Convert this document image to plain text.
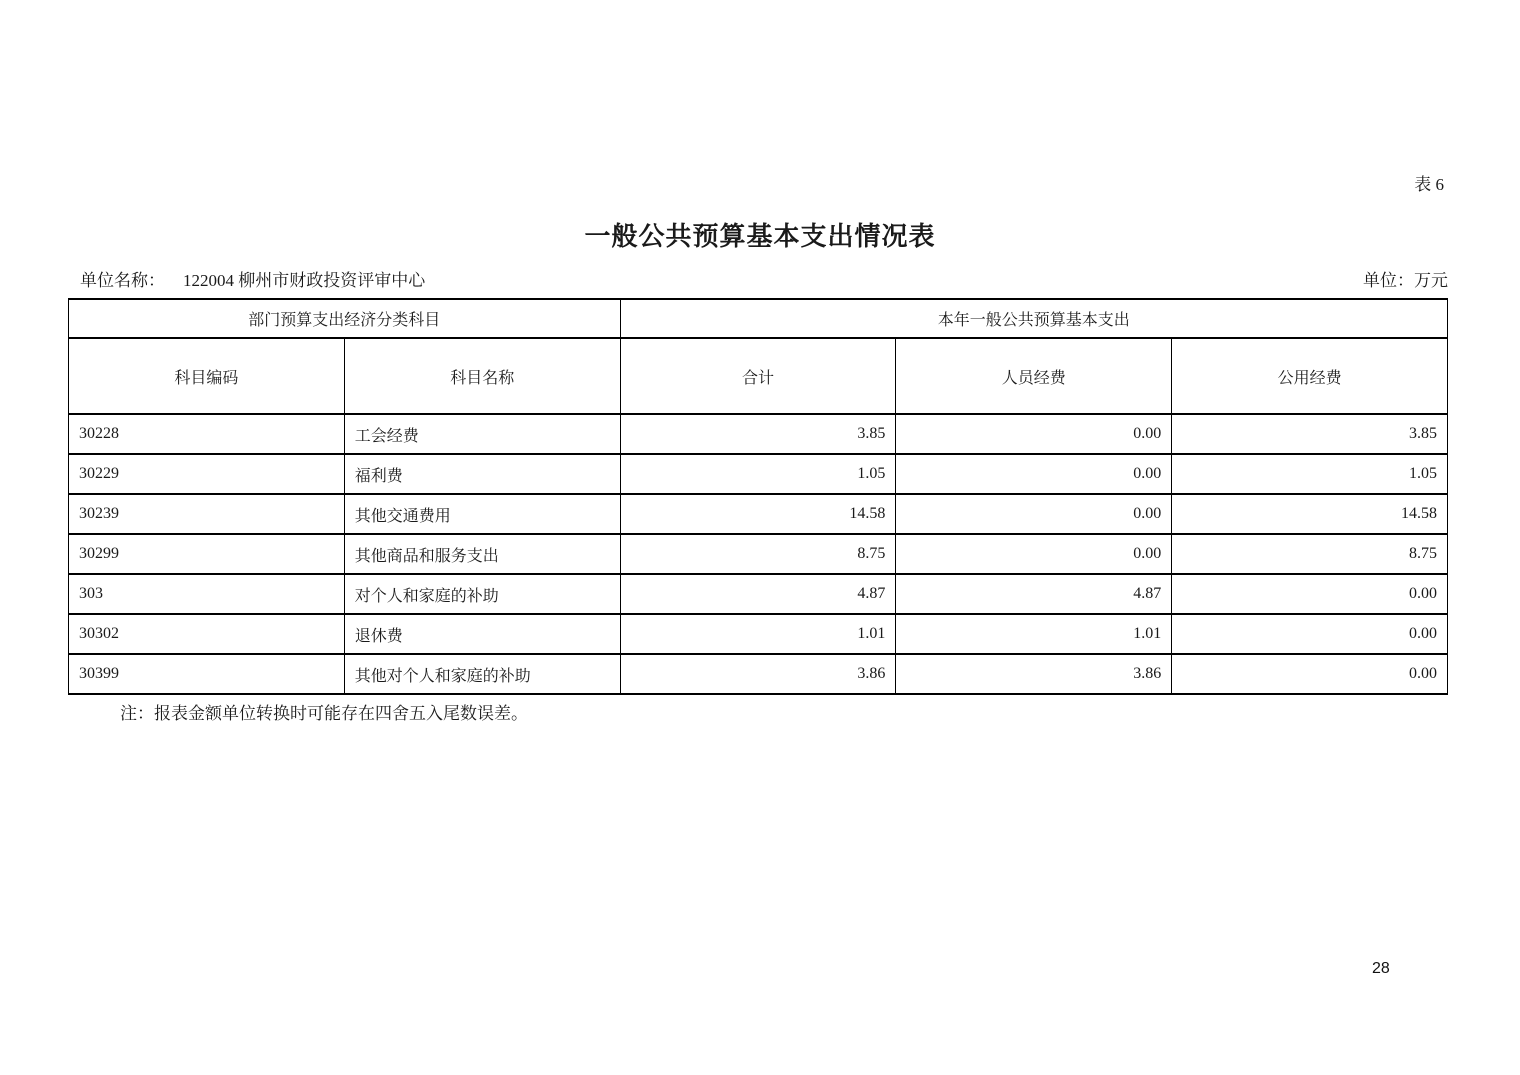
表 6
一般公共预算基本支出情况表
单位名称： 122004 柳州市财政投资评审中心	单位：万元
部门预算支出经济分类科目		本年一般公共预算基本支出		
科目编码	科目名称	合计	人员经费	公用经费
30228	工会经费	3.85	0.00	3.85
30229	福利费	1.05	0.00	1.05
30239	其他交通费用	14.58	0.00	14.58
30299	其他商品和服务支出	8.75	0.00	8.75
303	对个人和家庭的补助	4.87	4.87	0.00
30302	退休费	1.01	1.01	0.00
30399	其他对个人和家庭的补助	3.86	3.86	0.00
注：报表金额单位转换时可能存在四舍五入尾数误差。
28
